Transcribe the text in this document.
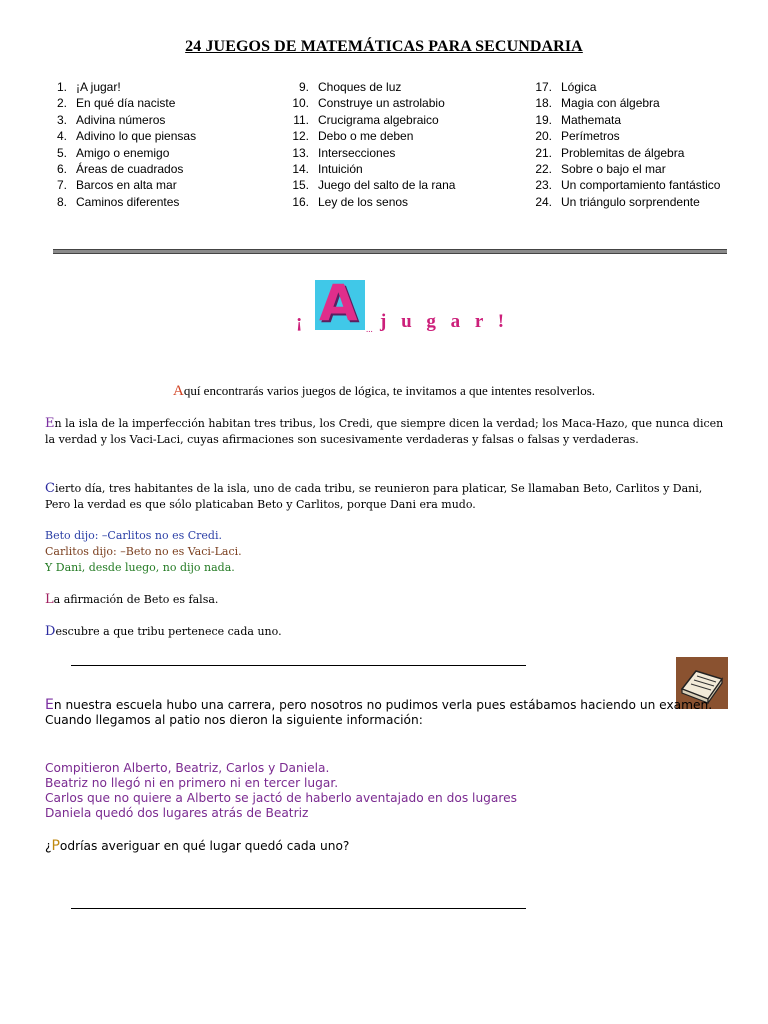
24 JUEGOS DE MATEMÁTICAS PARA SECUNDARIA
1. ¡A jugar!
2. En qué día naciste
3. Adivina números
4. Adivino lo que piensas
5. Amigo o enemigo
6. Áreas de cuadrados
7. Barcos en alta mar
8. Caminos diferentes
9. Choques de luz
10. Construye un astrolabio
11. Crucigrama algebraico
12. Debo o me deben
13. Intersecciones
14. Intuición
15. Juego del salto de la rana
16. Ley de los senos
17. Lógica
18. Magia con álgebra
19. Mathemata
20. Perímetros
21. Problemitas de álgebra
22. Sobre o bajo el mar
23. Un comportamiento fantástico
24. Un triángulo sorprendente
¡ A ... j u g a r !
Aquí encontrarás varios juegos de lógica, te invitamos a que intentes resolverlos.
En la isla de la imperfección habitan tres tribus, los Credi, que siempre dicen la verdad; los Maca-Hazo, que nunca dicen la verdad y los Vaci-Laci, cuyas afirmaciones son sucesivamente verdaderas y falsas o falsas y verdaderas.
Cierto día, tres habitantes de la isla, uno de cada tribu, se reunieron para platicar, Se llamaban Beto, Carlitos y Dani, Pero la verdad es que sólo platicaban Beto y Carlitos, porque Dani era mudo.
Beto dijo: –Carlitos no es Credi.
Carlitos dijo: –Beto no es Vaci-Laci.
Y Dani, desde luego, no dijo nada.
La afirmación de Beto es falsa.
Descubre a que tribu pertenece cada uno.
En nuestra escuela hubo una carrera, pero nosotros no pudimos verla pues estábamos haciendo un examen. Cuando llegamos al patio nos dieron la siguiente información:
Compitieron Alberto, Beatriz, Carlos y Daniela.
Beatriz no llegó ni en primero ni en tercer lugar.
Carlos que no quiere a Alberto se jactó de haberlo aventajado en dos lugares
Daniela quedó dos lugares atrás de Beatriz
¿Podrías averiguar en qué lugar quedó cada uno?
